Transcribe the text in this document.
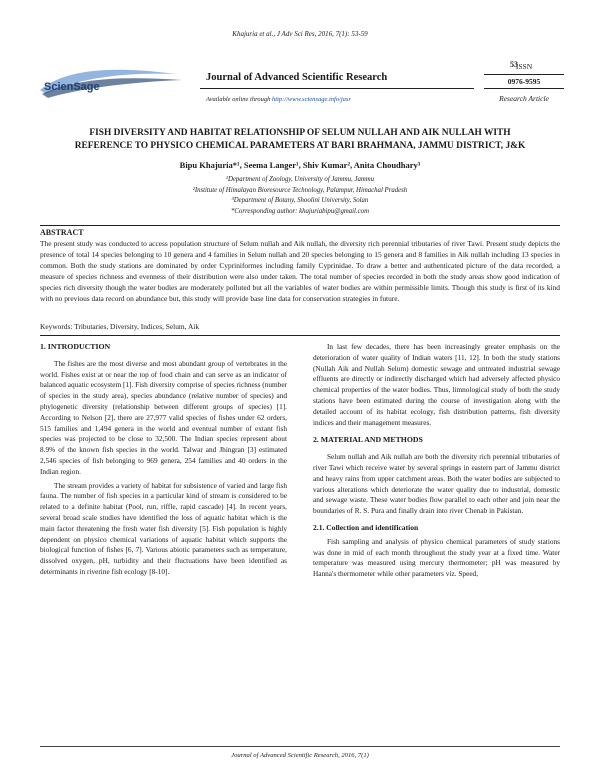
Khajuria et al., J Adv Sci Res, 2016, 7(1): 53-59
53
ScienSage
Journal of Advanced Scientific Research
Available online through http://www.sciensage.info/jasr
ISSN
0976-9595
Research Article
FISH DIVERSITY AND HABITAT RELATIONSHIP OF SELUM NULLAH AND AIK NULLAH WITH
REFERENCE TO PHYSICO CHEMICAL PARAMETERS AT BARI BRAHMANA, JAMMU DISTRICT, J&K
Bipu Khajuria*¹, Seema Langer¹, Shiv Kumar², Anita Choudhary³
¹Department of Zoology, University of Jammu, Jammu
²Institute of Himalayan Bioresource Technology, Palampur, Himachal Pradesh
³Department of Botany, Shoolini University, Solan
*Corresponding author: khajuriabipu@gmail.com
ABSTRACT
The present study was conducted to access population structure of Selum nullah and Aik nullah, the diversity rich perennial tributaries of river Tawi. Present study depicts the presence of total 14 species belonging to 10 genera and 4 families in Selum nullah and 20 species belonging to 15 genera and 8 families in Aik nullah including 13 species in common. Both the study stations are dominated by order Cypriniformes including family Cyprinidae. To draw a better and authenticated picture of the data recorded, a measure of species richness and evenness of their distribution were also under taken. The total number of species recorded in both the study areas show good indication of species rich diversity though the water bodies are moderately polluted but all the variables of water bodies are within permissible limits. Though this study is first of its kind with no previous data record on abundance but, this study will provide base line data for conservation strategies in future.
Keywords: Tributaries, Diversity, Indices, Selum, Aik
1. INTRODUCTION

The fishes are the most diverse and most abundant group of vertebrates in the world. Fishes exist at or near the top of food chain and can serve as an indicator of balanced aquatic ecosystem [1]. Fish diversity comprise of species richness (number of species in the study area), species abundance (relative number of species) and phylogenetic diversity (relationship between different groups of species) [1]. According to Nelson [2], there are 27,977 valid species of fishes under 62 orders, 515 families and 1,494 genera in the world and eventual number of extant fish species was projected to be close to 32,500. The Indian species represent about 8.9% of the known fish species in the world. Talwar and Jhingran [3] estimated 2,546 species of fish belonging to 969 genera, 254 families and 40 orders in the Indian region.

The stream provides a variety of habitat for subsistence of varied and large fish fauna. The number of fish species in a particular kind of stream is considered to be related to a definite habitat (Pool, run, riffle, rapid cascade) [4]. In recent years, several broad scale studies have identified the loss of aquatic habitat which is the main factor threatening the fresh water fish diversity [5]. Fish population is highly dependent on physico chemical variations of aquatic habitat which supports the biological function of fishes [6, 7]. Various abiotic parameters such as temperature, dissolved oxygen, pH, turbidity and their fluctuations have been identified as determinants in riverine fish ecology [8-10].

In last few decades, there has been increasingly greater emphasis on the deterioration of water quality of Indian waters [11, 12]. In both the study stations (Nullah Aik and Nullah Selum) domestic sewage and untreated industrial sewage effluents are directly or indirectly discharged which had adversely affected physico chemical properties of the water bodies. Thus, limnological study of both the study stations have been estimated during the course of investigation along with the detailed account of its habitat ecology, fish distribution patterns, fish diversity indices and their management measures.

2. MATERIAL AND METHODS

Selum nullah and Aik nullah are both the diversity rich perennial tributaries of river Tawi which receive water by several springs in eastern part of Jammu district and heavy rains from upper catchment areas. Both the water bodies are subjected to various alterations which deteriorate the water quality due to industrial, domestic and sewage waste. These water bodies flow parallel to each other and join near the boundaries of R. S. Pura and finally drain into river Chenab in Pakistan.

2.1. Collection and identification

Fish sampling and analysis of physico chemical parameters of study stations was done in mid of each month throughout the study year at a fixed time. Water temperature was measured using mercury thermometer; pH was measured by Hanna's thermometer while other parameters viz. Speed,

Journal of Advanced Scientific Research, 2016, 7(1)
